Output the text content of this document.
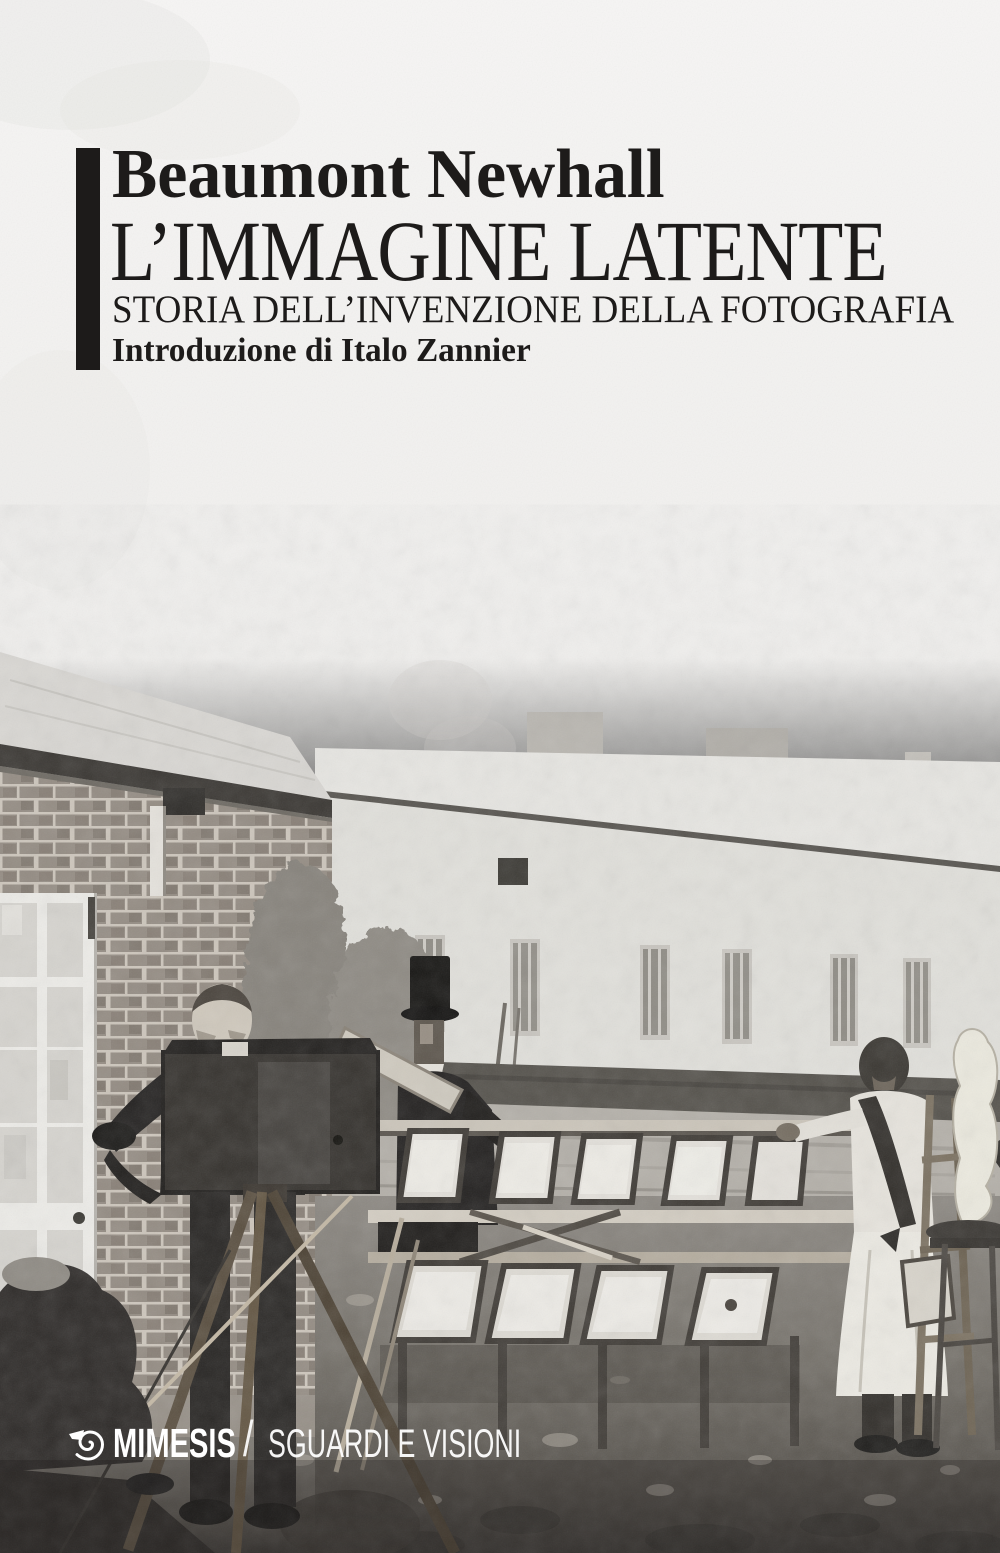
Beaumont Newhall
L’IMMAGINE LATENTE
STORIA DELL’INVENZIONE DELLA FOTOGRAFIA
Introduzione di Italo Zannier
MIMESIS / SGUARDI E VISIONI
